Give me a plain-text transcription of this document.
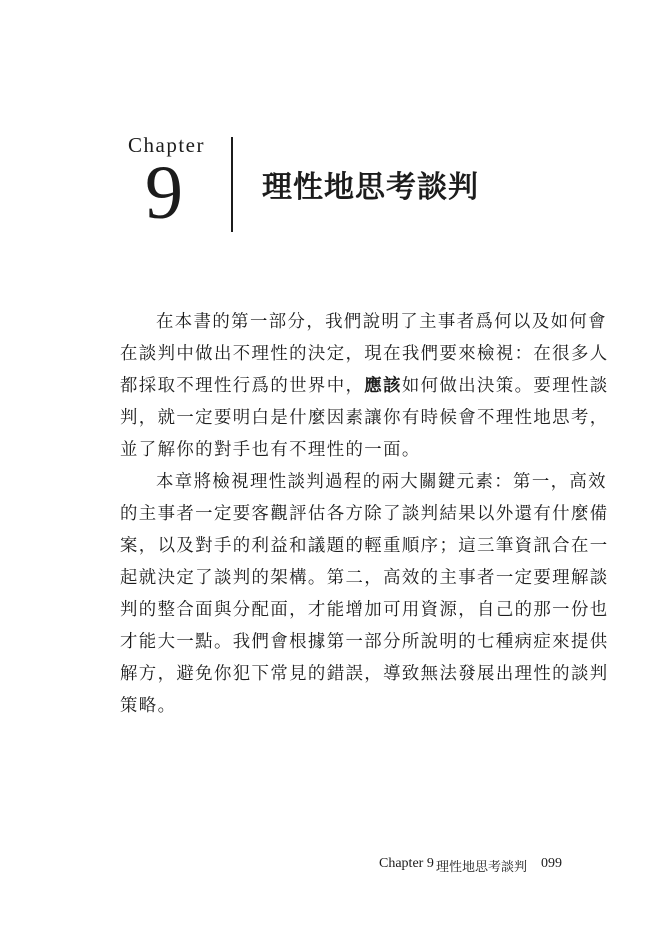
Chapter
9	理性地思考談判
在本書的第一部分，我們說明了主事者爲何以及如何會
在談判中做出不理性的決定，現在我們要來檢視：在很多人
都採取不理性行爲的世界中，應該如何做出決策。要理性談
判，就一定要明白是什麼因素讓你有時候會不理性地思考，
並了解你的對手也有不理性的一面。
本章將檢視理性談判過程的兩大關鍵元素：第一，高效
的主事者一定要客觀評估各方除了談判結果以外還有什麼備
案，以及對手的利益和議題的輕重順序；這三筆資訊合在一
起就決定了談判的架構。第二，高效的主事者一定要理解談
判的整合面與分配面，才能增加可用資源，自己的那一份也
才能大一點。我們會根據第一部分所說明的七種病症來提供
解方，避免你犯下常見的錯誤，導致無法發展出理性的談判
策略。
Chapter 9 理性地思考談判 099
